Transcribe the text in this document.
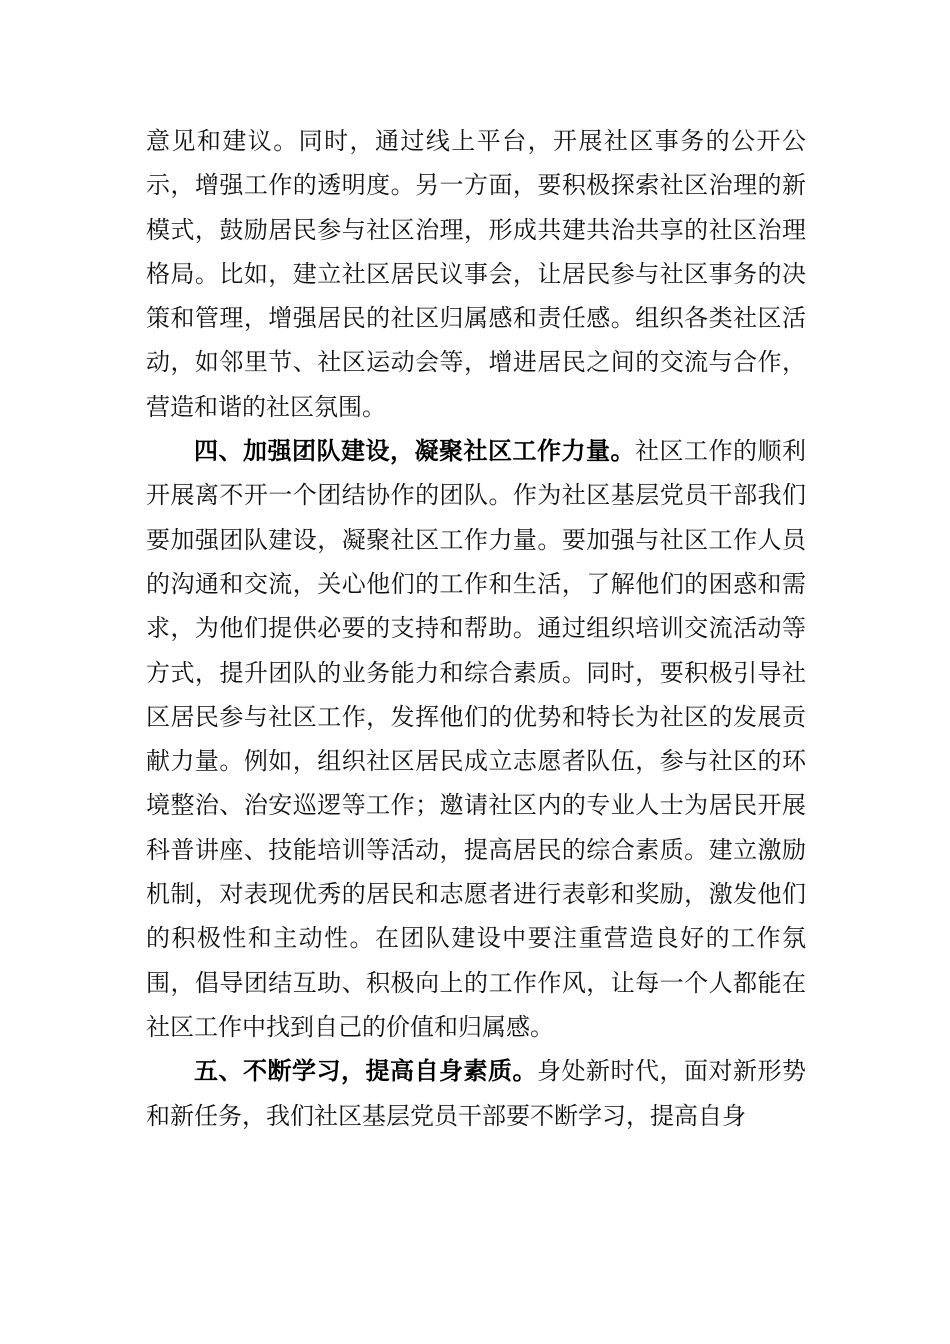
意见和建议。同时，通过线上平台，开展社区事务的公开公示，增强工作的透明度。另一方面，要积极探索社区治理的新模式，鼓励居民参与社区治理，形成共建共治共享的社区治理格局。比如，建立社区居民议事会，让居民参与社区事务的决策和管理，增强居民的社区归属感和责任感。组织各类社区活动，如邻里节、社区运动会等，增进居民之间的交流与合作，营造和谐的社区氛围。

四、加强团队建设，凝聚社区工作力量。社区工作的顺利开展离不开一个团结协作的团队。作为社区基层党员干部我们要加强团队建设，凝聚社区工作力量。要加强与社区工作人员的沟通和交流，关心他们的工作和生活，了解他们的困惑和需求，为他们提供必要的支持和帮助。通过组织培训交流活动等方式，提升团队的业务能力和综合素质。同时，要积极引导社区居民参与社区工作，发挥他们的优势和特长为社区的发展贡献力量。例如，组织社区居民成立志愿者队伍，参与社区的环境整治、治安巡逻等工作；邀请社区内的专业人士为居民开展科普讲座、技能培训等活动，提高居民的综合素质。建立激励机制，对表现优秀的居民和志愿者进行表彰和奖励，激发他们的积极性和主动性。在团队建设中要注重营造良好的工作氛围，倡导团结互助、积极向上的工作作风，让每一个人都能在社区工作中找到自己的价值和归属感。

五、不断学习，提高自身素质。身处新时代，面对新形势和新任务，我们社区基层党员干部要不断学习，提高自身
